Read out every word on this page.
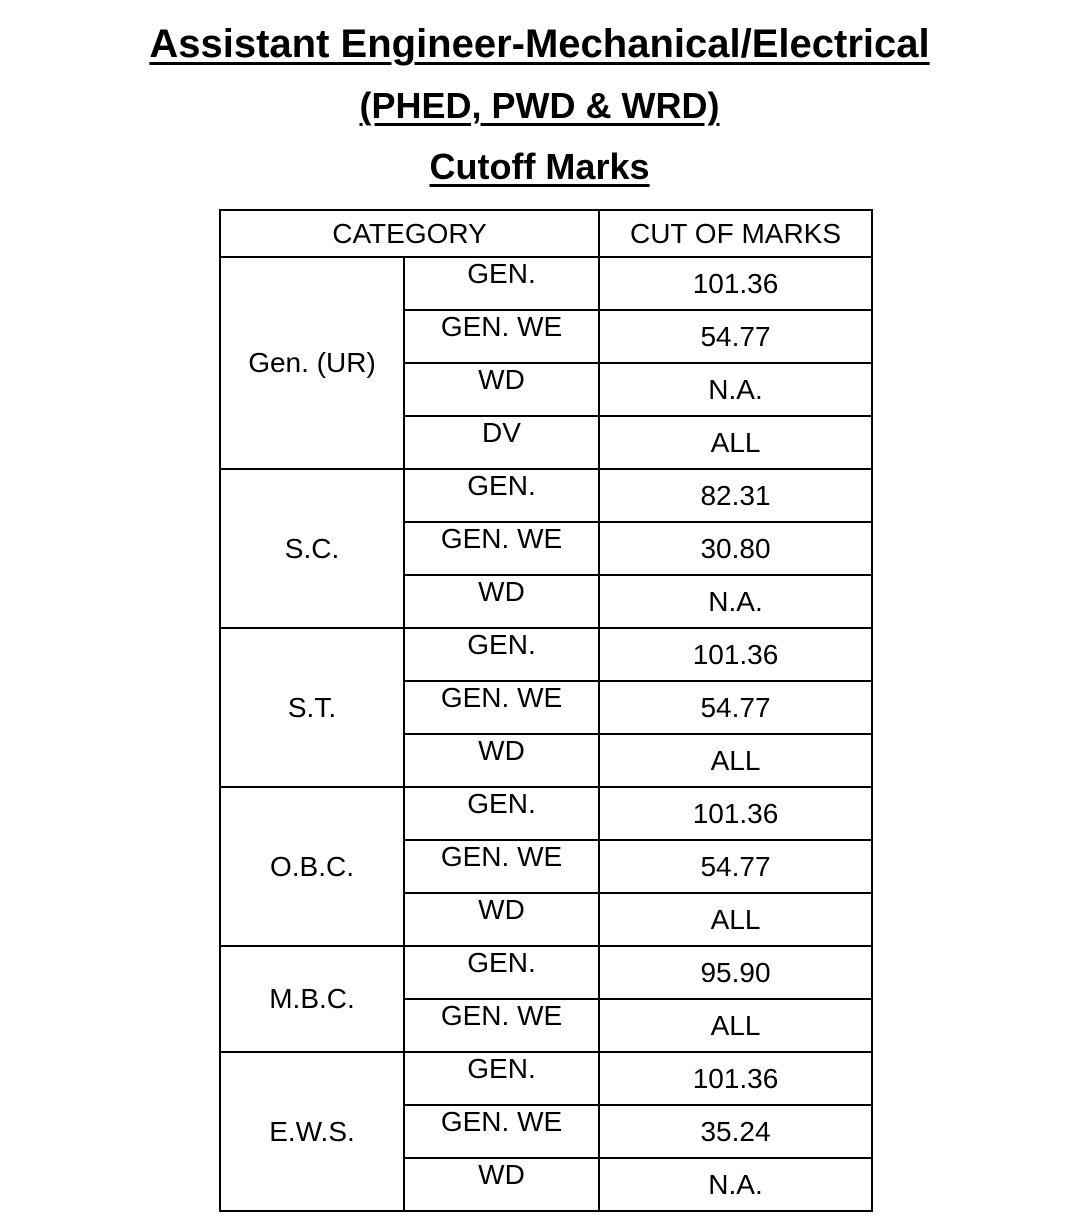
Assistant Engineer-Mechanical/Electrical
(PHED, PWD & WRD)
Cutoff Marks
CATEGORY		CUT OF MARKS
Gen. (UR)	GEN.	101.36
	GEN. WE	54.77
	WD	N.A.
	DV	ALL
S.C.	GEN.	82.31
	GEN. WE	30.80
	WD	N.A.
S.T.	GEN.	101.36
	GEN. WE	54.77
	WD	ALL
O.B.C.	GEN.	101.36
	GEN. WE	54.77
	WD	ALL
M.B.C.	GEN.	95.90
	GEN. WE	ALL
E.W.S.	GEN.	101.36
	GEN. WE	35.24
	WD	N.A.
